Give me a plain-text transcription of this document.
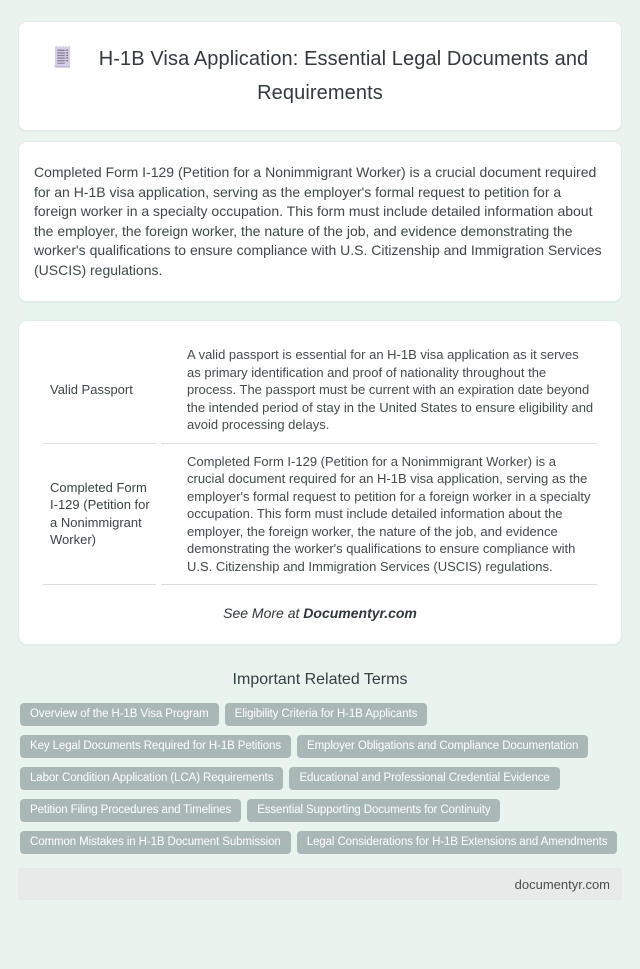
H-1B Visa Application: Essential Legal Documents and Requirements

Completed Form I-129 (Petition for a Nonimmigrant Worker) is a crucial document required for an H-1B visa application, serving as the employer's formal request to petition for a foreign worker in a specialty occupation. This form must include detailed information about the employer, the foreign worker, the nature of the job, and evidence demonstrating the worker's qualifications to ensure compliance with U.S. Citizenship and Immigration Services (USCIS) regulations.

Valid Passport
A valid passport is essential for an H-1B visa application as it serves as primary identification and proof of nationality throughout the process. The passport must be current with an expiration date beyond the intended period of stay in the United States to ensure eligibility and avoid processing delays.
Completed Form I-129 (Petition for a Nonimmigrant Worker)
Completed Form I-129 (Petition for a Nonimmigrant Worker) is a crucial document required for an H-1B visa application, serving as the employer's formal request to petition for a foreign worker in a specialty occupation. This form must include detailed information about the employer, the foreign worker, the nature of the job, and evidence demonstrating the worker's qualifications to ensure compliance with U.S. Citizenship and Immigration Services (USCIS) regulations.

See More at Documentyr.com

Important Related Terms
Overview of the H-1B Visa Program	Eligibility Criteria for H-1B Applicants
Key Legal Documents Required for H-1B Petitions	Employer Obligations and Compliance Documentation
Labor Condition Application (LCA) Requirements	Educational and Professional Credential Evidence
Petition Filing Procedures and Timelines	Essential Supporting Documents for Continuity
Common Mistakes in H-1B Document Submission	Legal Considerations for H-1B Extensions and Amendments
documentyr.com
